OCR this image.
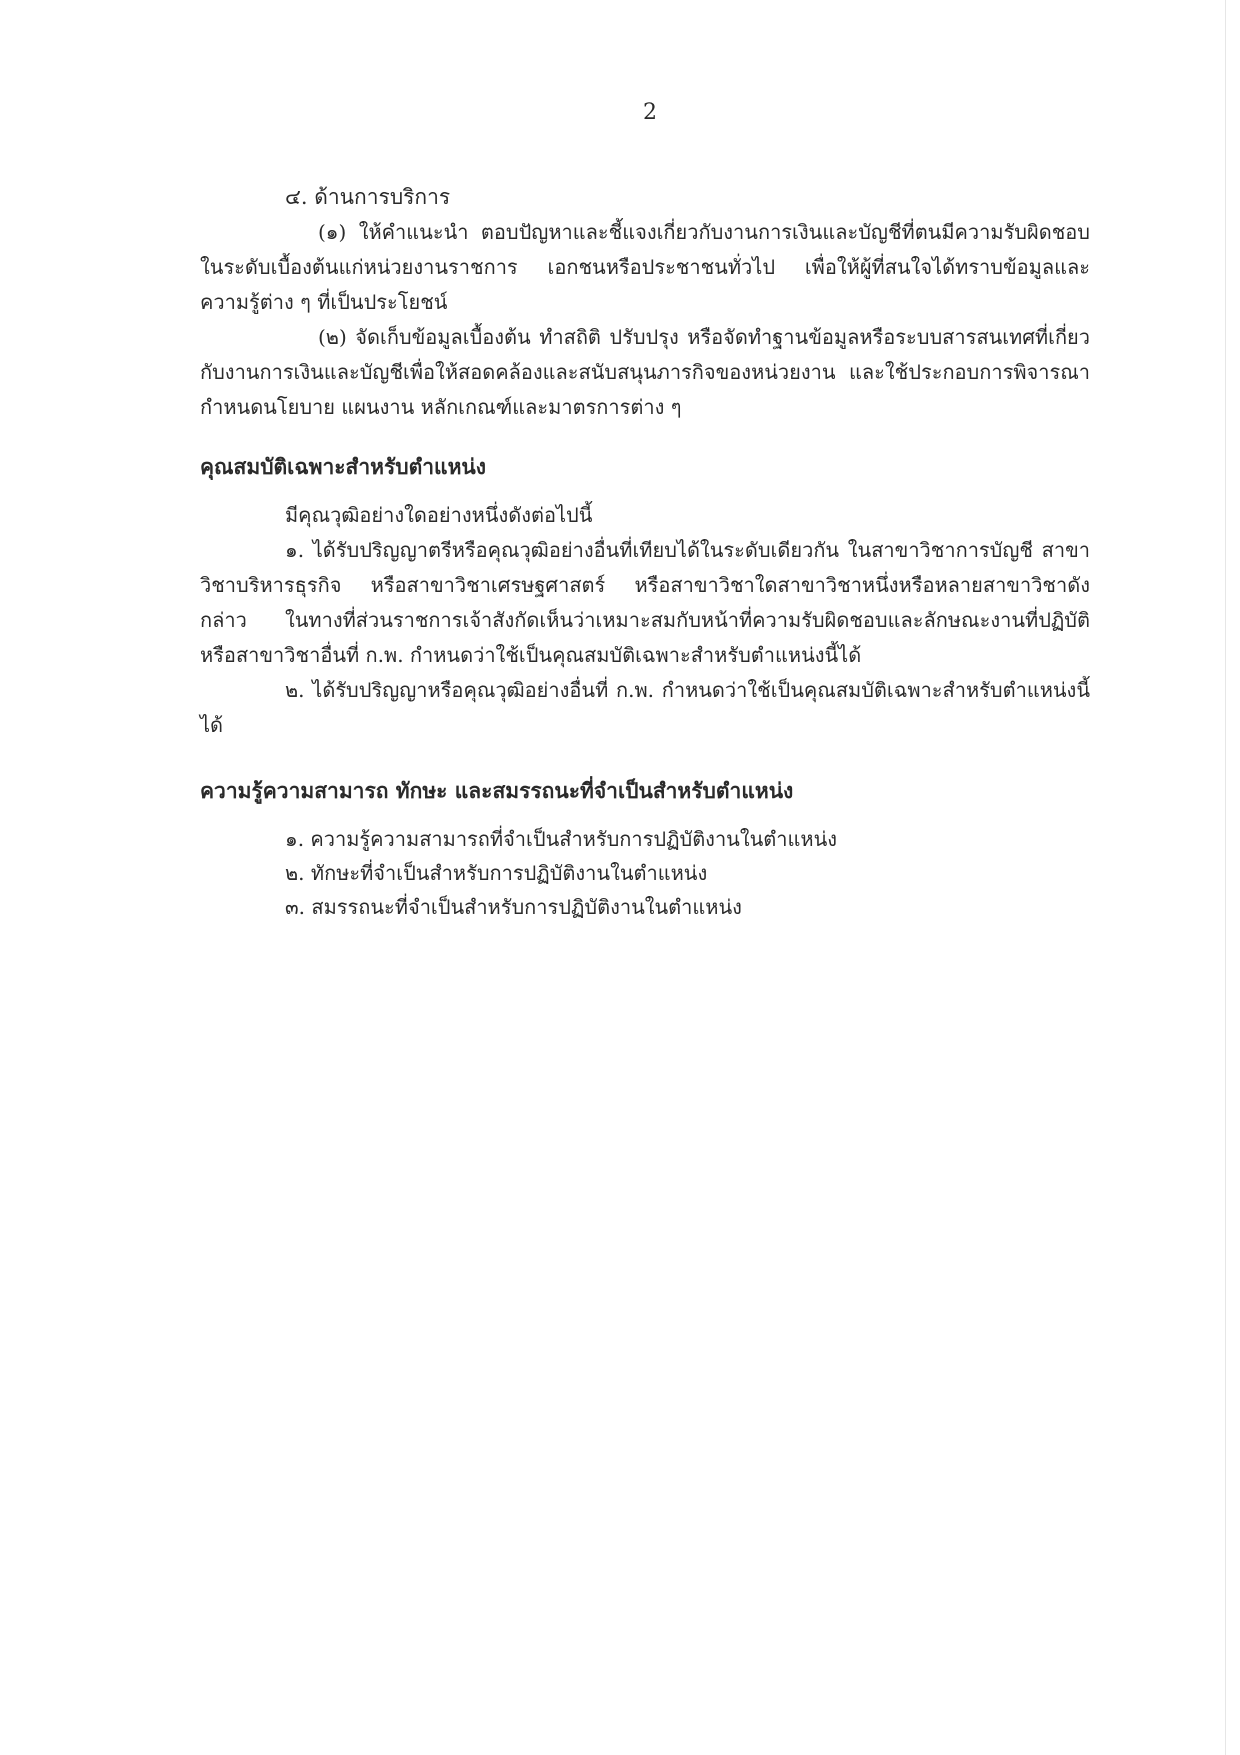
2

๔. ด้านการบริการ

(๑) ให้คำแนะนำ ตอบปัญหาและชี้แจงเกี่ยวกับงานการเงินและบัญชีที่ตนมีความรับผิดชอบในระดับเบื้องต้นแก่หน่วยงานราชการ เอกชนหรือประชาชนทั่วไป เพื่อให้ผู้ที่สนใจได้ทราบข้อมูลและความรู้ต่าง ๆ ที่เป็นประโยชน์

(๒) จัดเก็บข้อมูลเบื้องต้น ทำสถิติ ปรับปรุง หรือจัดทำฐานข้อมูลหรือระบบสารสนเทศที่เกี่ยวกับงานการเงินและบัญชีเพื่อให้สอดคล้องและสนับสนุนภารกิจของหน่วยงาน และใช้ประกอบการพิจารณากำหนดนโยบาย แผนงาน หลักเกณฑ์และมาตรการต่าง ๆ

คุณสมบัติเฉพาะสำหรับตำแหน่ง

มีคุณวุฒิอย่างใดอย่างหนึ่งดังต่อไปนี้

๑. ได้รับปริญญาตรีหรือคุณวุฒิอย่างอื่นที่เทียบได้ในระดับเดียวกัน ในสาขาวิชาการบัญชี สาขาวิชาบริหารธุรกิจ หรือสาขาวิชาเศรษฐศาสตร์ หรือสาขาวิชาใดสาขาวิชาหนึ่งหรือหลายสาขาวิชาดังกล่าว ในทางที่ส่วนราชการเจ้าสังกัดเห็นว่าเหมาะสมกับหน้าที่ความรับผิดชอบและลักษณะงานที่ปฏิบัติ หรือสาขาวิชาอื่นที่ ก.พ. กำหนดว่าใช้เป็นคุณสมบัติเฉพาะสำหรับตำแหน่งนี้ได้

๒. ได้รับปริญญาหรือคุณวุฒิอย่างอื่นที่ ก.พ. กำหนดว่าใช้เป็นคุณสมบัติเฉพาะสำหรับตำแหน่งนี้ได้

ความรู้ความสามารถ ทักษะ และสมรรถนะที่จำเป็นสำหรับตำแหน่ง

๑. ความรู้ความสามารถที่จำเป็นสำหรับการปฏิบัติงานในตำแหน่ง

๒. ทักษะที่จำเป็นสำหรับการปฏิบัติงานในตำแหน่ง

๓. สมรรถนะที่จำเป็นสำหรับการปฏิบัติงานในตำแหน่ง
